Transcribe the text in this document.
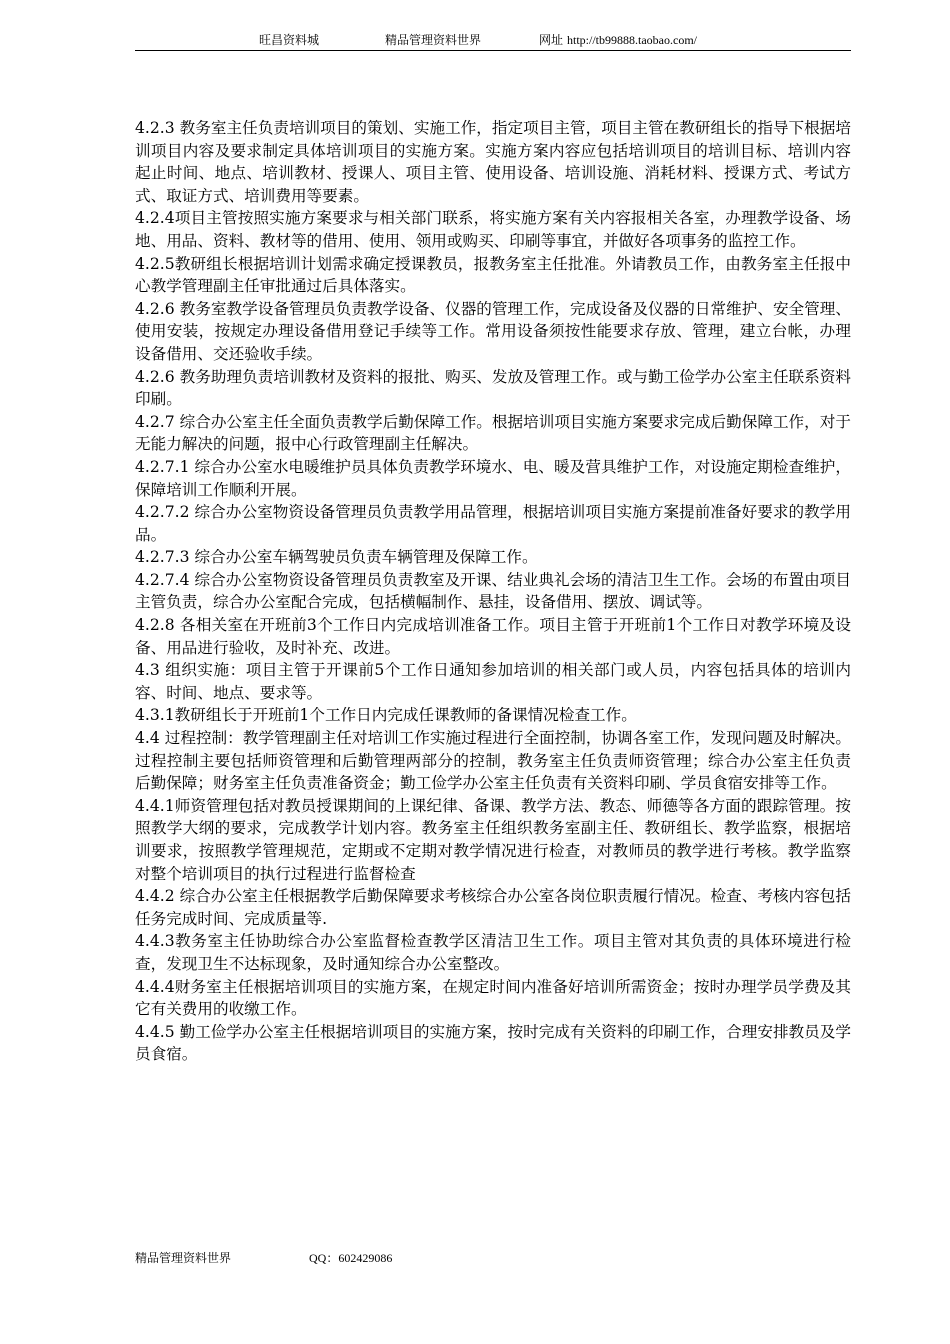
旺昌资料城	精品管理资料世界	网址 http://tb99888.taobao.com/

4.2.3 教务室主任负责培训项目的策划、实施工作，指定项目主管，项目主管在教研组长的指导下根据培训项目内容及要求制定具体培训项目的实施方案。实施方案内容应包括培训项目的培训目标、培训内容起止时间、地点、培训教材、授课人、项目主管、使用设备、培训设施、消耗材料、授课方式、考试方式、取证方式、培训费用等要素。

4.2.4项目主管按照实施方案要求与相关部门联系，将实施方案有关内容报相关各室，办理教学设备、场地、用品、资料、教材等的借用、使用、领用或购买、印刷等事宜，并做好各项事务的监控工作。

4.2.5教研组长根据培训计划需求确定授课教员，报教务室主任批准。外请教员工作，由教务室主任报中心教学管理副主任审批通过后具体落实。

4.2.6 教务室教学设备管理员负责教学设备、仪器的管理工作，完成设备及仪器的日常维护、安全管理、使用安装，按规定办理设备借用登记手续等工作。常用设备须按性能要求存放、管理，建立台帐，办理设备借用、交还验收手续。

4.2.6 教务助理负责培训教材及资料的报批、购买、发放及管理工作。或与勤工俭学办公室主任联系资料印刷。

4.2.7 综合办公室主任全面负责教学后勤保障工作。根据培训项目实施方案要求完成后勤保障工作，对于无能力解决的问题，报中心行政管理副主任解决。

4.2.7.1 综合办公室水电暖维护员具体负责教学环境水、电、暖及营具维护工作，对设施定期检查维护，保障培训工作顺利开展。

4.2.7.2 综合办公室物资设备管理员负责教学用品管理，根据培训项目实施方案提前准备好要求的教学用品。

4.2.7.3 综合办公室车辆驾驶员负责车辆管理及保障工作。

4.2.7.4 综合办公室物资设备管理员负责教室及开课、结业典礼会场的清洁卫生工作。会场的布置由项目主管负责，综合办公室配合完成，包括横幅制作、悬挂，设备借用、摆放、调试等。

4.2.8 各相关室在开班前3个工作日内完成培训准备工作。项目主管于开班前1个工作日对教学环境及设备、用品进行验收，及时补充、改进。

4.3 组织实施：项目主管于开课前5个工作日通知参加培训的相关部门或人员，内容包括具体的培训内容、时间、地点、要求等。

4.3.1教研组长于开班前1个工作日内完成任课教师的备课情况检查工作。

4.4 过程控制：教学管理副主任对培训工作实施过程进行全面控制，协调各室工作，发现问题及时解决。过程控制主要包括师资管理和后勤管理两部分的控制，教务室主任负责师资管理；综合办公室主任负责后勤保障；财务室主任负责准备资金；勤工俭学办公室主任负责有关资料印刷、学员食宿安排等工作。

4.4.1师资管理包括对教员授课期间的上课纪律、备课、教学方法、教态、师德等各方面的跟踪管理。按照教学大纲的要求，完成教学计划内容。教务室主任组织教务室副主任、教研组长、教学监察，根据培训要求，按照教学管理规范，定期或不定期对教学情况进行检查，对教师员的教学进行考核。教学监察对整个培训项目的执行过程进行监督检查

4.4.2 综合办公室主任根据教学后勤保障要求考核综合办公室各岗位职责履行情况。检查、考核内容包括任务完成时间、完成质量等.

4.4.3教务室主任协助综合办公室监督检查教学区清洁卫生工作。项目主管对其负责的具体环境进行检查，发现卫生不达标现象，及时通知综合办公室整改。

4.4.4财务室主任根据培训项目的实施方案，在规定时间内准备好培训所需资金；按时办理学员学费及其它有关费用的收缴工作。

4.4.5 勤工俭学办公室主任根据培训项目的实施方案，按时完成有关资料的印刷工作，合理安排教员及学员食宿。

精品管理资料世界	QQ：602429086
